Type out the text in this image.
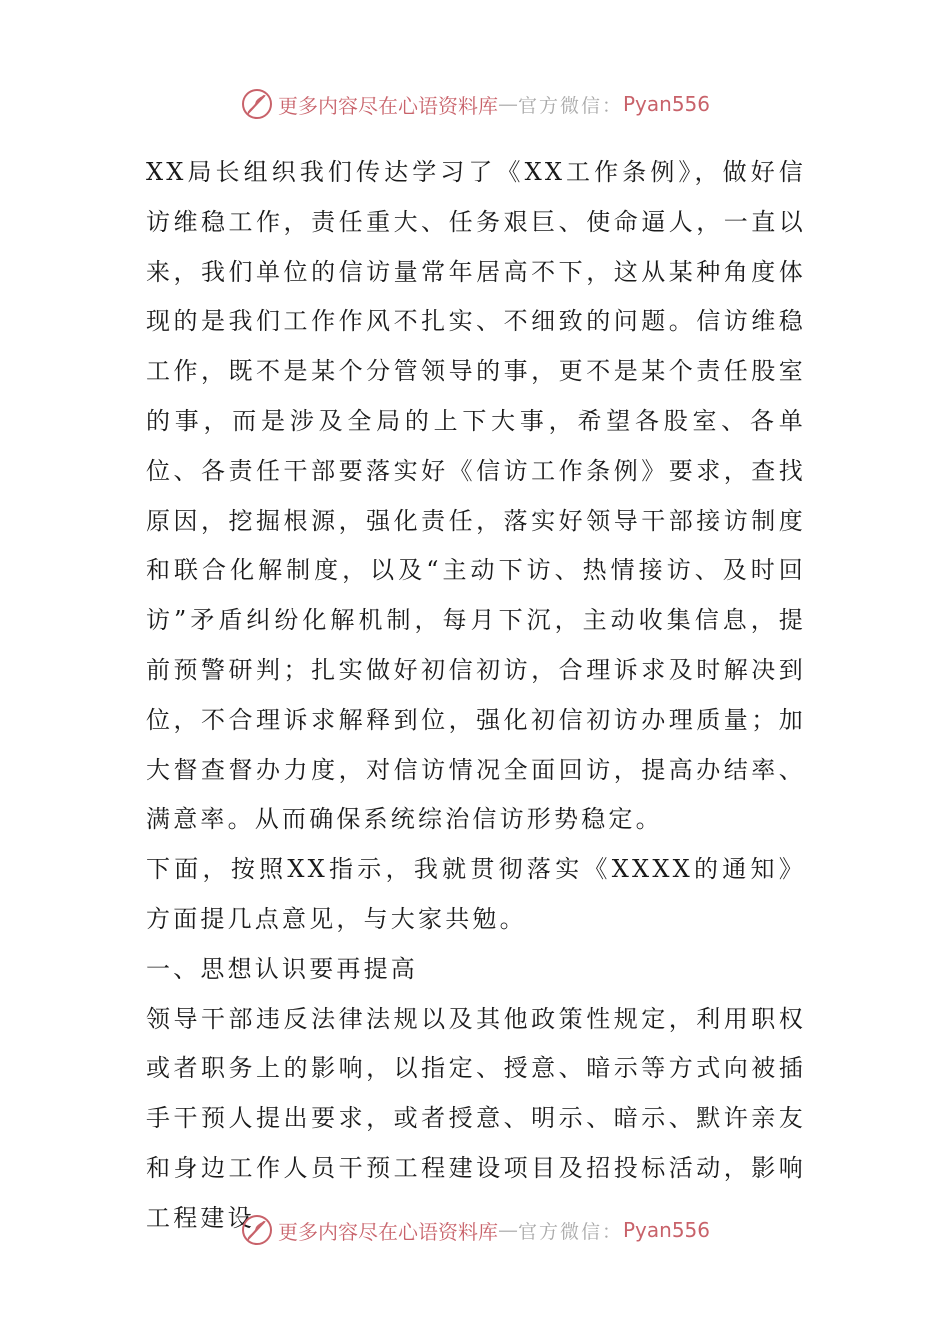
更多内容尽在心语资料库 — 官方微信： Pyan556

XX局长组织我们传达学习了《XX工作条例》，做好信访维稳工作，责任重大、任务艰巨、使命逼人，一直以来，我们单位的信访量常年居高不下，这从某种角度体现的是我们工作作风不扎实、不细致的问题。信访维稳工作，既不是某个分管领导的事，更不是某个责任股室的事，而是涉及全局的上下大事，希望各股室、各单位、各责任干部要落实好《信访工作条例》要求，查找原因，挖掘根源，强化责任，落实好领导干部接访制度和联合化解制度，以及“主动下访、热情接访、及时回访”矛盾纠纷化解机制，每月下沉，主动收集信息，提前预警研判；扎实做好初信初访，合理诉求及时解决到位，不合理诉求解释到位，强化初信初访办理质量；加大督查督办力度，对信访情况全面回访，提高办结率、满意率。从而确保系统综治信访形势稳定。

下面，按照XX指示，我就贯彻落实《XXXX的通知》方面提几点意见，与大家共勉。

一、思想认识要再提高

领导干部违反法律法规以及其他政策性规定，利用职权或者职务上的影响，以指定、授意、暗示等方式向被插手干预人提出要求，或者授意、明示、暗示、默许亲友和身边工作人员干预工程建设项目及招投标活动，影响工程建设	更多内容尽在心语资料库 — 官方微信： Pyan556
